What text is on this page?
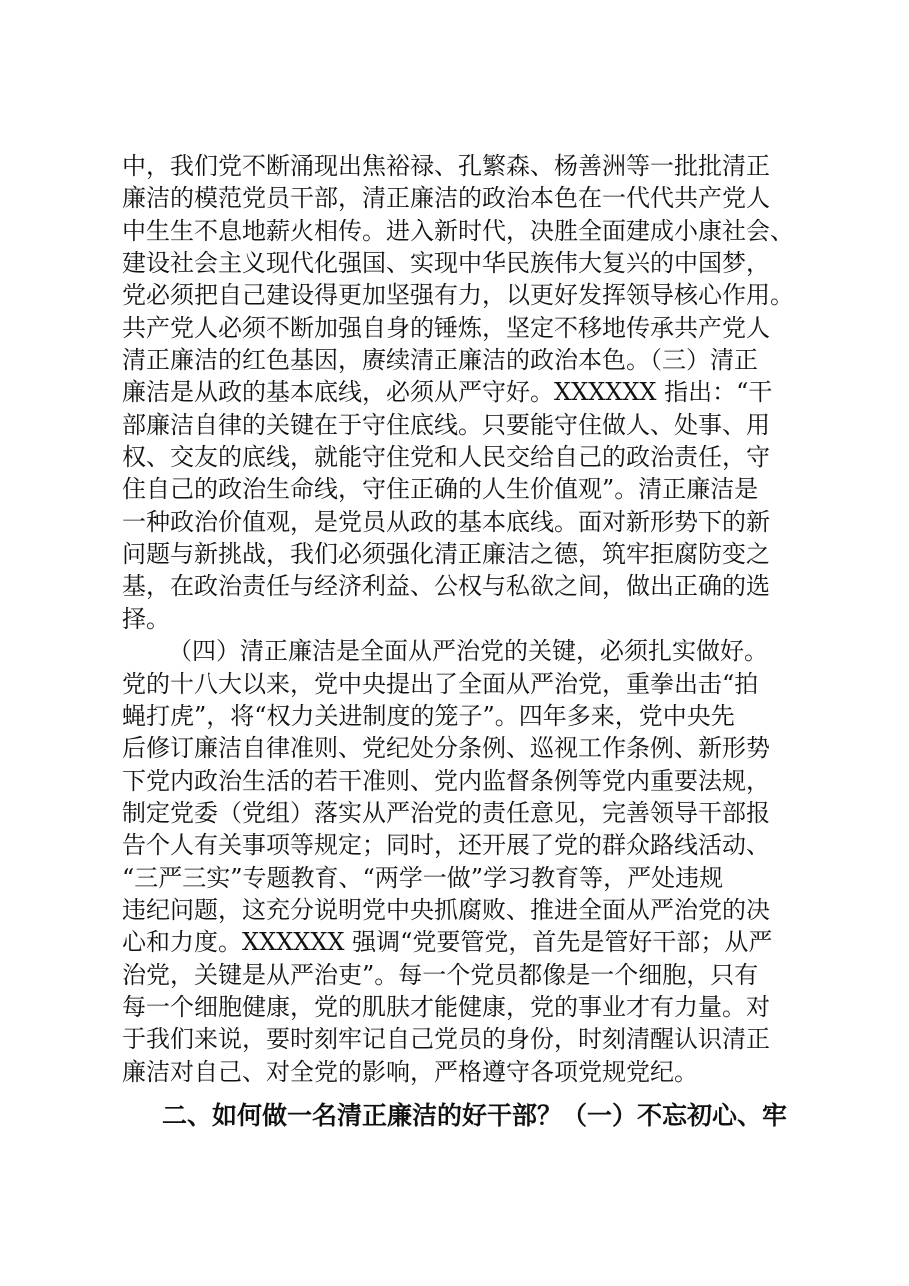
中，我们党不断涌现出焦裕禄、孔繁森、杨善洲等一批批清正
廉洁的模范党员干部，清正廉洁的政治本色在一代代共产党人
中生生不息地薪火相传。进入新时代，决胜全面建成小康社会、
建设社会主义现代化强国、实现中华民族伟大复兴的中国梦，
党必须把自己建设得更加坚强有力，以更好发挥领导核心作用。
共产党人必须不断加强自身的锤炼，坚定不移地传承共产党人
清正廉洁的红色基因，赓续清正廉洁的政治本色。（三）清正
廉洁是从政的基本底线，必须从严守好。XXXXXX 指出：“干
部廉洁自律的关键在于守住底线。只要能守住做人、处事、用
权、交友的底线，就能守住党和人民交给自己的政治责任，守
住自己的政治生命线，守住正确的人生价值观”。清正廉洁是
一种政治价值观，是党员从政的基本底线。面对新形势下的新
问题与新挑战，我们必须强化清正廉洁之德，筑牢拒腐防变之
基，在政治责任与经济利益、公权与私欲之间，做出正确的选
择。
（四）清正廉洁是全面从严治党的关键，必须扎实做好。
党的十八大以来，党中央提出了全面从严治党，重拳出击“拍
蝇打虎”，将“权力关进制度的笼子”。四年多来，党中央先
后修订廉洁自律准则、党纪处分条例、巡视工作条例、新形势
下党内政治生活的若干准则、党内监督条例等党内重要法规，
制定党委（党组）落实从严治党的责任意见，完善领导干部报
告个人有关事项等规定；同时，还开展了党的群众路线活动、
“三严三实”专题教育、“两学一做”学习教育等，严处违规
违纪问题，这充分说明党中央抓腐败、推进全面从严治党的决
心和力度。XXXXXX 强调“党要管党，首先是管好干部；从严
治党，关键是从严治吏”。每一个党员都像是一个细胞，只有
每一个细胞健康，党的肌肤才能健康，党的事业才有力量。对
于我们来说，要时刻牢记自己党员的身份，时刻清醒认识清正
廉洁对自己、对全党的影响，严格遵守各项党规党纪。
二、如何做一名清正廉洁的好干部？（一）不忘初心、牢
